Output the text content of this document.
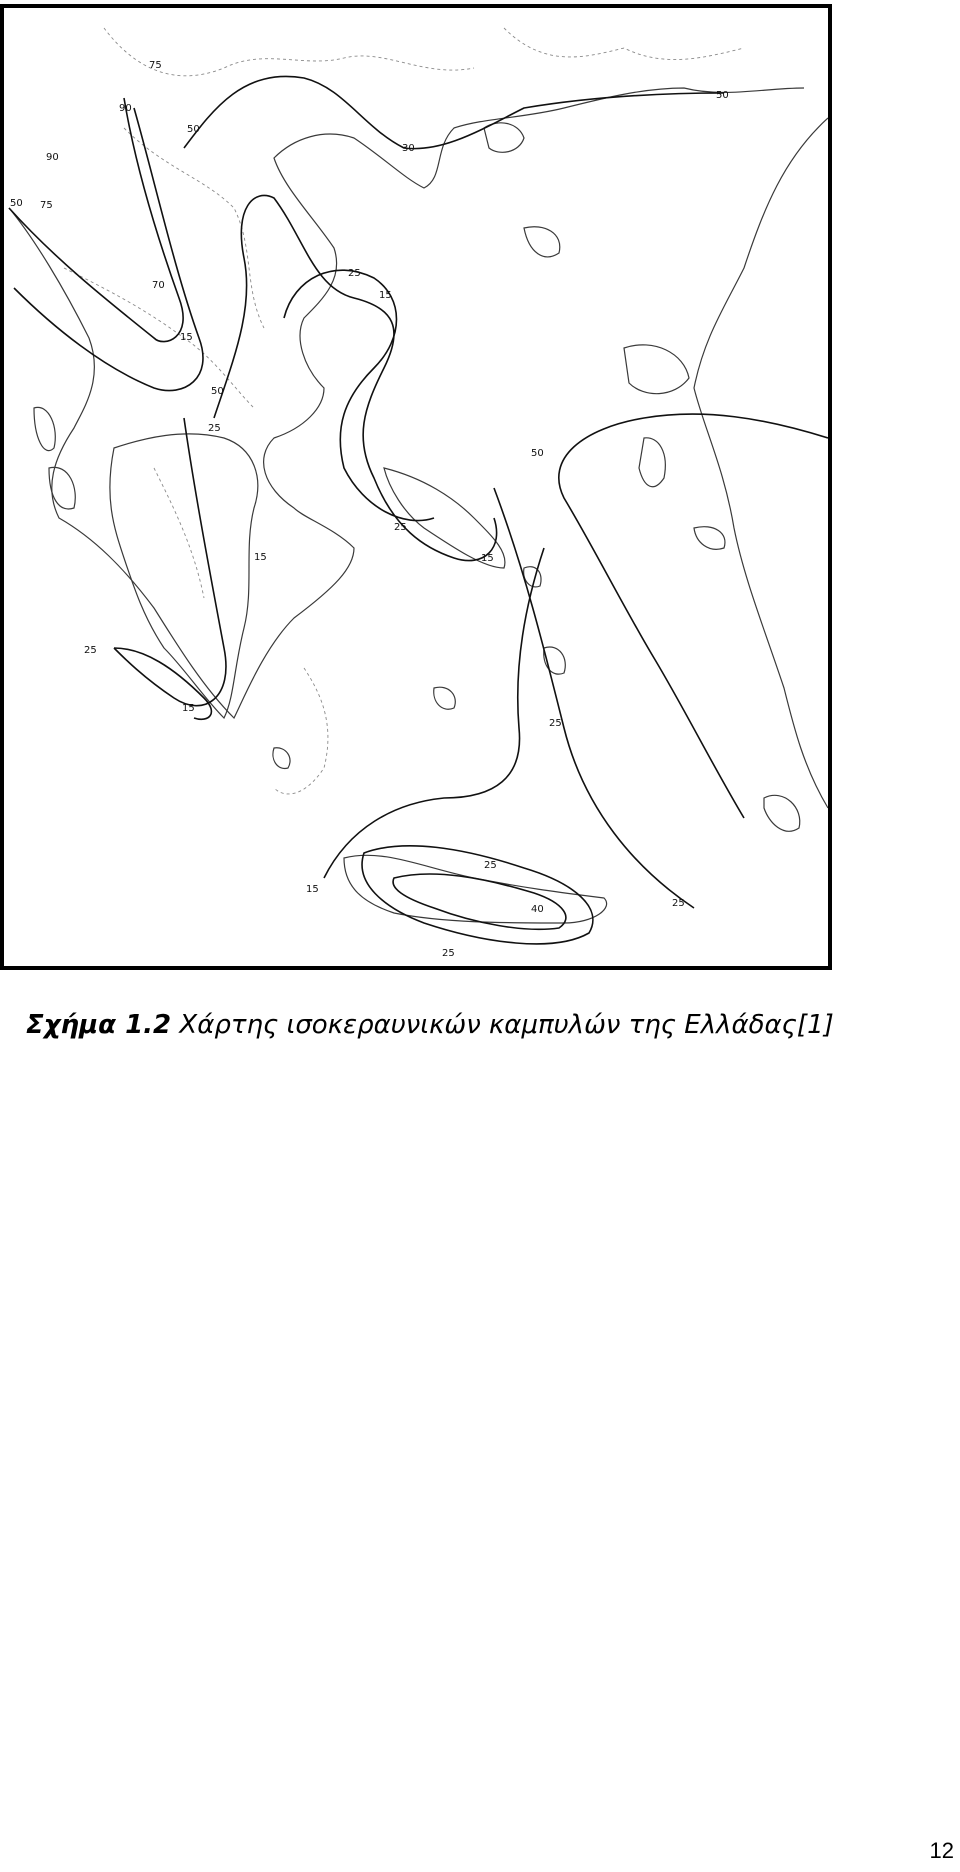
75
90
50
90
75
50
70
15
30
50
25
15
50
50
25
25
15
15
25
15
25
25
15
25
40
25
Σχήμα 1.2 Χάρτης ισοκεραυνικών καμπυλών της Ελλάδας[1]
12
